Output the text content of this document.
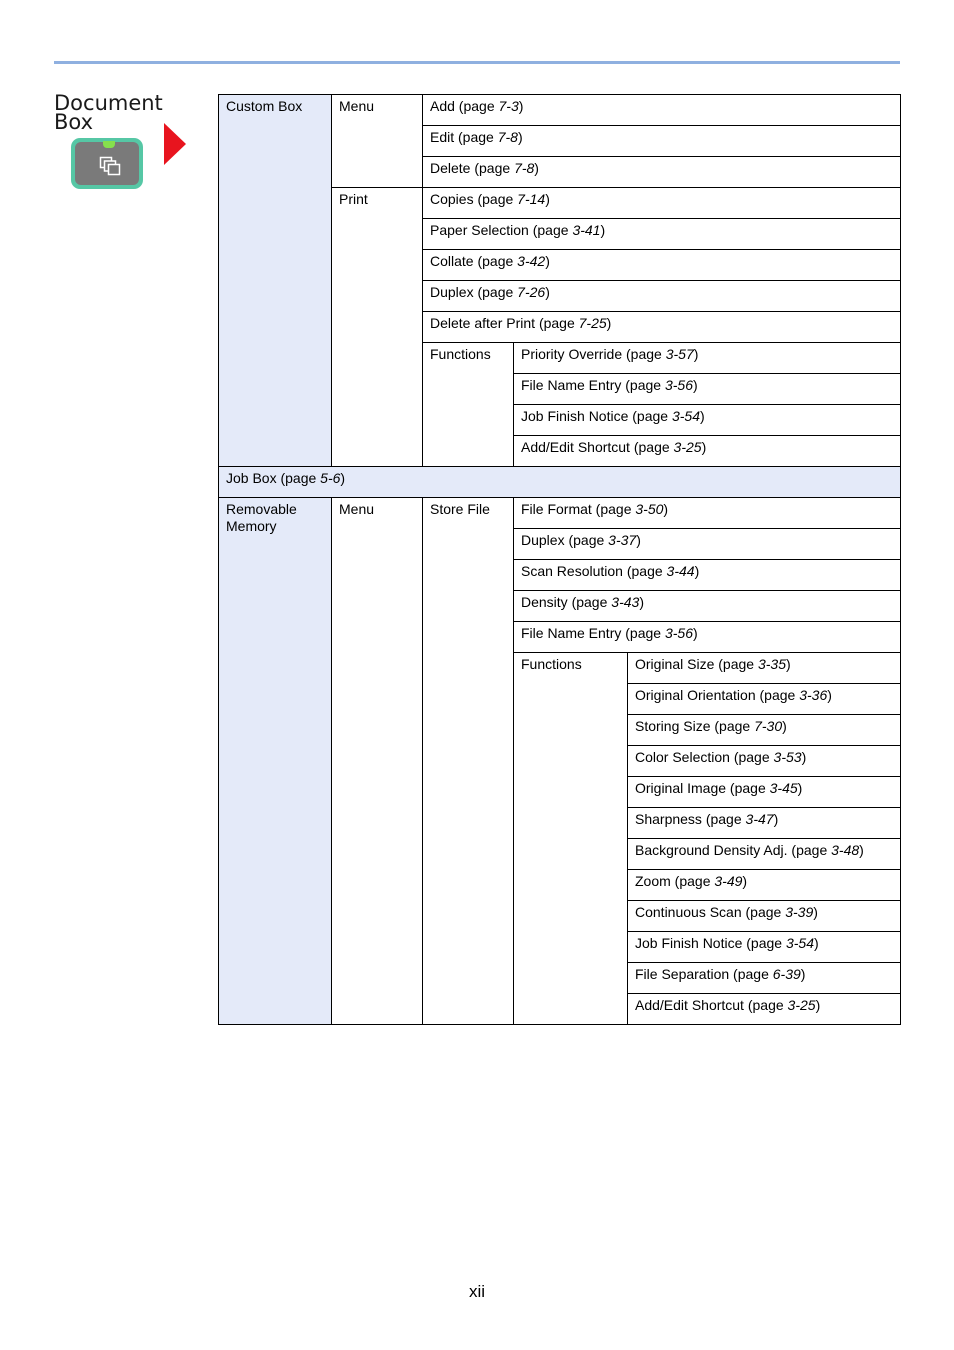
Document
Box
Custom Box	Menu	Add (page 7-3)		
		Edit (page 7-8)		
		Delete (page 7-8)		
	Print	Copies (page 7-14)		
		Paper Selection (page 3-41)		
		Collate (page 3-42)		
		Duplex (page 7-26)		
		Delete after Print (page 7-25)		
		Functions	Priority Override (page 3-57)	
			File Name Entry (page 3-56)	
			Job Finish Notice (page 3-54)	
			Add/Edit Shortcut (page 3-25)	
Job Box (page 5-6)				
Removable Memory	Menu	Store File	File Format (page 3-50)	
			Duplex (page 3-37)	
			Scan Resolution (page 3-44)	
			Density (page 3-43)	
			File Name Entry (page 3-56)	
			Functions	Original Size (page 3-35)
				Original Orientation (page 3-36)
				Storing Size (page 7-30)
				Color Selection (page 3-53)
				Original Image (page 3-45)
				Sharpness (page 3-47)
				Background Density Adj. (page 3-48)
				Zoom (page 3-49)
				Continuous Scan (page 3-39)
				Job Finish Notice (page 3-54)
				File Separation (page 6-39)
				Add/Edit Shortcut (page 3-25)
xii
